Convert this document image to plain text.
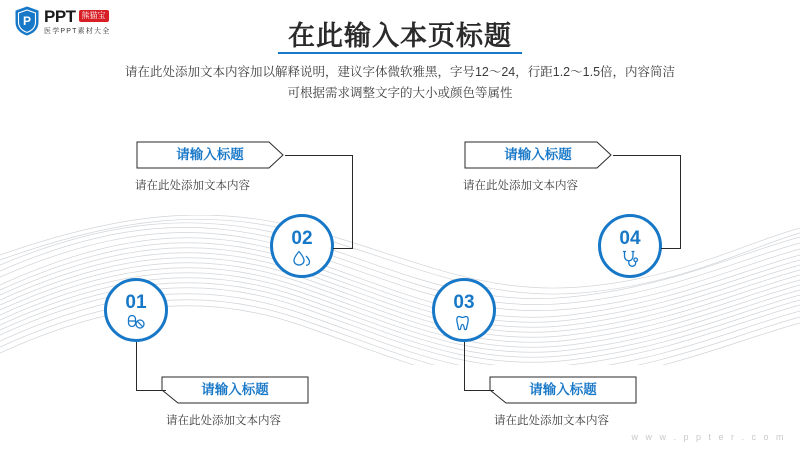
P PPT 熊猫宝
医学PPT素材大全	在此输入本页标题
请在此处添加文本内容加以解释说明，建议字体微软雅黑，字号12～24，行距1.2～1.5倍，内容简洁
可根据需求调整文字的大小或颜色等属性
01
请输入标题
请在此处添加文本内容
02
请输入标题
请在此处添加文本内容
03
请输入标题
请在此处添加文本内容
04
请输入标题
请在此处添加文本内容
w w w . p p t e r . c o m
